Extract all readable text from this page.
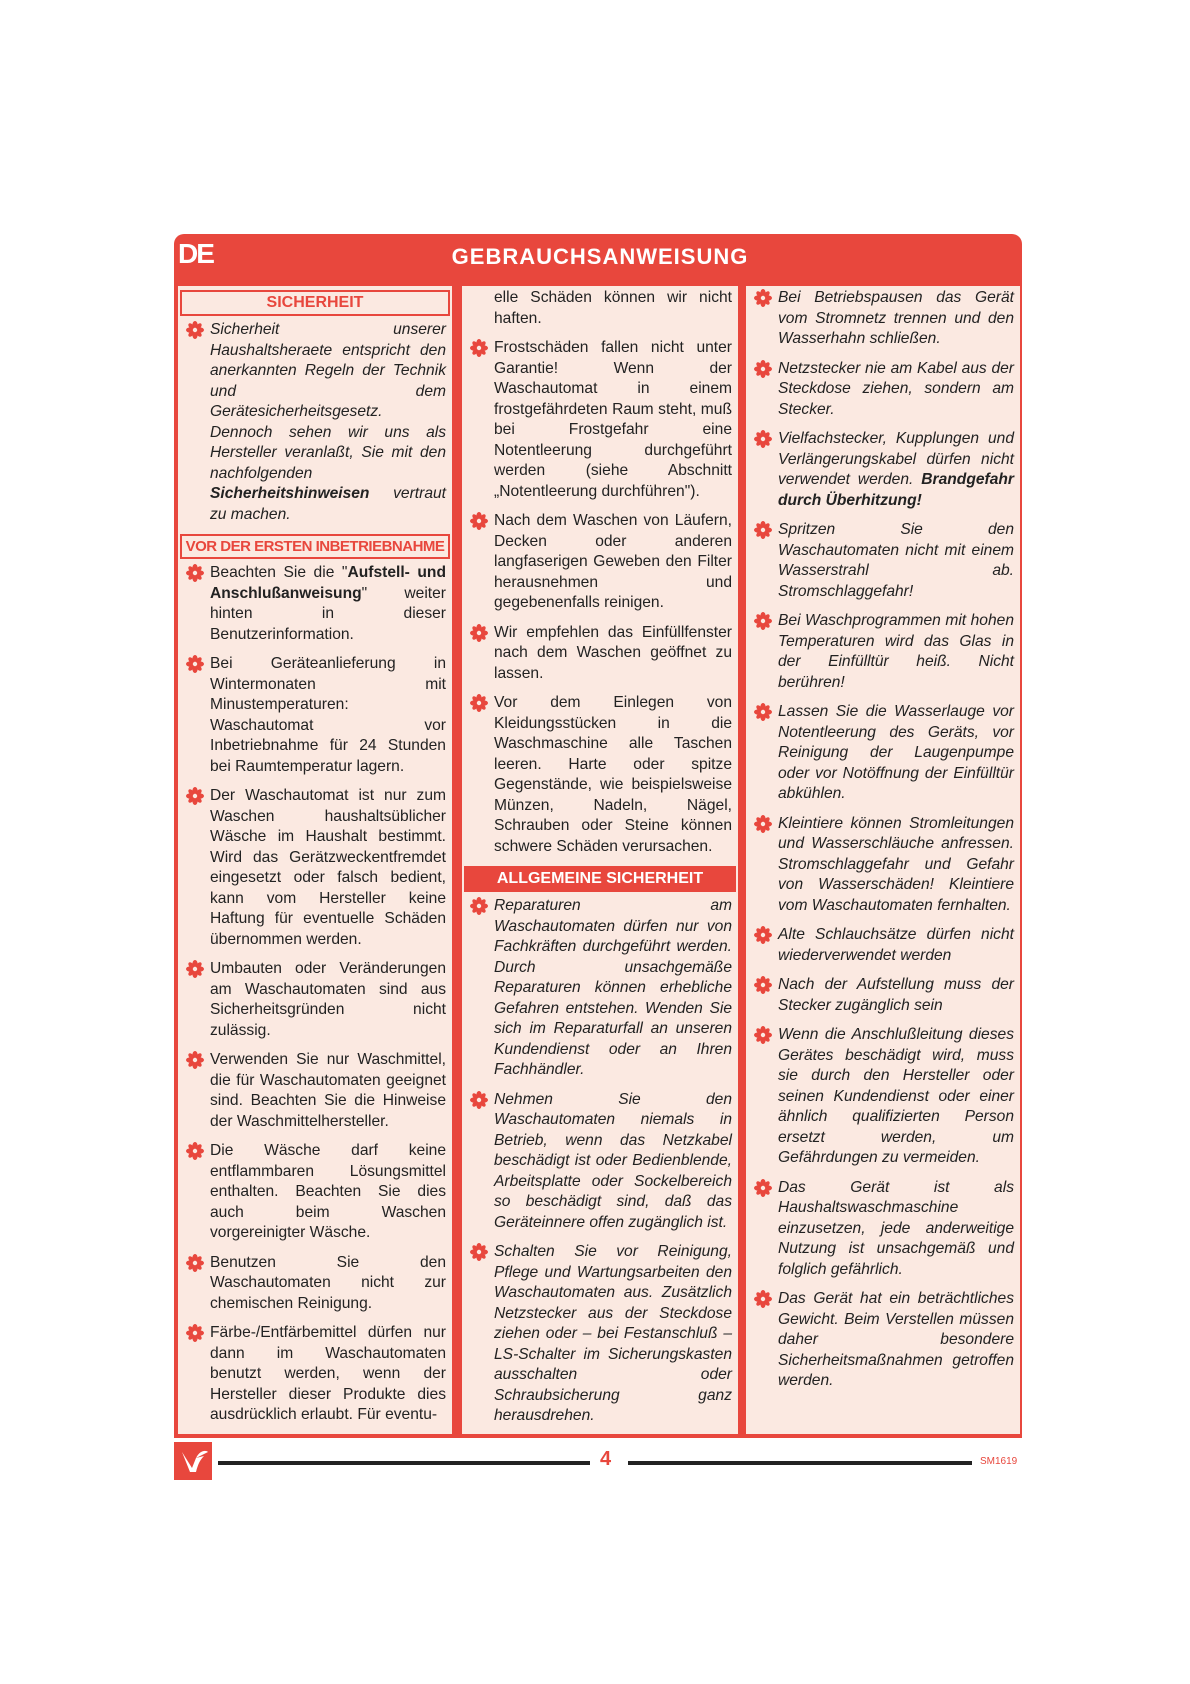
DE	GEBRAUCHSANWEISUNG
SICHERHEIT
Sicherheit unserer Haushaltsheraete entspricht den anerkannten Regeln der Technik und dem Gerätesicherheitsgesetz. Dennoch sehen wir uns als Hersteller veranlaßt, Sie mit den nachfolgenden Sicherheitshinweisen vertraut zu machen.
VOR DER ERSTEN INBETRIEBNAHME
Beachten Sie die "Aufstell- und Anschlußanweisung" weiter hinten in dieser Benutzerinformation.
Bei Geräteanlieferung in Wintermonaten mit Minustemperaturen: Waschautomat vor Inbetriebnahme für 24 Stunden bei Raumtemperatur lagern.
Der Waschautomat ist nur zum Waschen haushaltsüblicher Wäsche im Haushalt bestimmt. Wird das Gerätzweckentfremdet eingesetzt oder falsch bedient, kann vom Hersteller keine Haftung für eventuelle Schäden übernommen werden.
Umbauten oder Veränderungen am Waschautomaten sind aus Sicherheitsgründen nicht zulässig.
Verwenden Sie nur Waschmittel, die für Waschautomaten geeignet sind. Beachten Sie die Hinweise der Waschmittelhersteller.
Die Wäsche darf keine entflammbaren Lösungsmittel enthalten. Beachten Sie dies auch beim Waschen vorgereinigter Wäsche.
Benutzen Sie den Waschautomaten nicht zur chemischen Reinigung.
Färbe-/Entfärbemittel dürfen nur dann im Waschautomaten benutzt werden, wenn der Hersteller dieser Produkte dies ausdrücklich erlaubt. Für eventu-
elle Schäden können wir nicht haften.
Frostschäden fallen nicht unter Garantie! Wenn der Waschautomat in einem frostgefährdeten Raum steht, muß bei Frostgefahr eine Notentleerung durchgeführt werden (siehe Abschnitt „Notentleerung durchführen").
Nach dem Waschen von Läufern, Decken oder anderen langfaserigen Geweben den Filter herausnehmen und gegebenenfalls reinigen.
Wir empfehlen das Einfüllfenster nach dem Waschen geöffnet zu lassen.
Vor dem Einlegen von Kleidungsstücken in die Waschmaschine alle Taschen leeren. Harte oder spitze Gegenstände, wie beispielsweise Münzen, Nadeln, Nägel, Schrauben oder Steine können schwere Schäden verursachen.
ALLGEMEINE SICHERHEIT
Reparaturen am Waschautomaten dürfen nur von Fachkräften durchgeführt werden. Durch unsachgemäße Reparaturen können erhebliche Gefahren entstehen. Wenden Sie sich im Reparaturfall an unseren Kundendienst oder an Ihren Fachhändler.
Nehmen Sie den Waschautomaten niemals in Betrieb, wenn das Netzkabel beschädigt ist oder Bedienblende, Arbeitsplatte oder Sockelbereich so beschädigt sind, daß das Geräteinnere offen zugänglich ist.
Schalten Sie vor Reinigung, Pflege und Wartungsarbeiten den Waschautomaten aus. Zusätzlich Netzstecker aus der Steckdose ziehen oder – bei Festanschluß – LS-Schalter im Sicherungskasten ausschalten oder Schraubsicherung ganz herausdrehen.
Bei Betriebspausen das Gerät vom Stromnetz trennen und den Wasserhahn schließen.
Netzstecker nie am Kabel aus der Steckdose ziehen, sondern am Stecker.
Vielfachstecker, Kupplungen und Verlängerungskabel dürfen nicht verwendet werden. Brandgefahr durch Überhitzung!
Spritzen Sie den Waschautomaten nicht mit einem Wasserstrahl ab. Stromschlaggefahr!
Bei Waschprogrammen mit hohen Temperaturen wird das Glas in der Einfülltür heiß. Nicht berühren!
Lassen Sie die Wasserlauge vor Notentleerung des Geräts, vor Reinigung der Laugenpumpe oder vor Notöffnung der Einfülltür abkühlen.
Kleintiere können Stromleitungen und Wasserschläuche anfressen. Stromschlaggefahr und Gefahr von Wasserschäden! Kleintiere vom Waschautomaten fernhalten.
Alte Schlauchsätze dürfen nicht wiederverwendet werden
Nach der Aufstellung muss der Stecker zugänglich sein
Wenn die Anschlußleitung dieses Gerätes beschädigt wird, muss sie durch den Hersteller oder seinen Kundendienst oder einer ähnlich qualifizierten Person ersetzt werden, um Gefährdungen zu vermeiden.
Das Gerät ist als Haushaltswaschmaschine einzusetzen, jede anderweitige Nutzung ist unsachgemäß und folglich gefährlich.
Das Gerät hat ein beträchtliches Gewicht. Beim Verstellen müssen daher besondere Sicherheitsmaßnahmen getroffen werden.
4	SM1619
